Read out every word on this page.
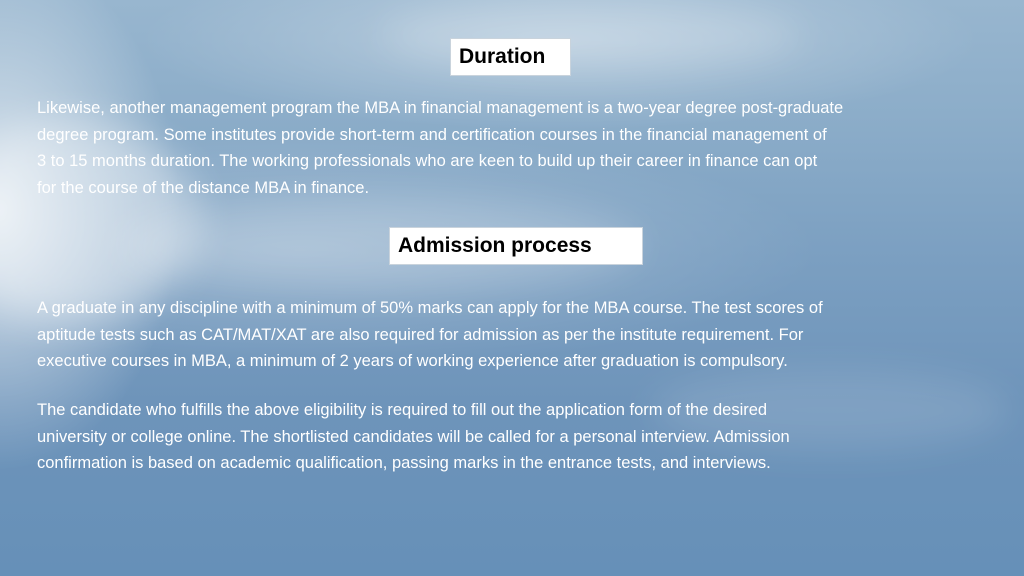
Duration
Likewise, another management program the MBA in financial management is a two-year degree post-graduate
degree program. Some institutes provide short-term and certification courses in the financial management of
3 to 15 months duration. The working professionals who are keen to build up their career in finance can opt
for the course of the distance MBA in finance.
Admission process
A graduate in any discipline with a minimum of 50% marks can apply for the MBA course. The test scores of
aptitude tests such as CAT/MAT/XAT are also required for admission as per the institute requirement. For
executive courses in MBA, a minimum of 2 years of working experience after graduation is compulsory.
The candidate who fulfills the above eligibility is required to fill out the application form of the desired
university or college online. The shortlisted candidates will be called for a personal interview. Admission
confirmation is based on academic qualification, passing marks in the entrance tests, and interviews.
